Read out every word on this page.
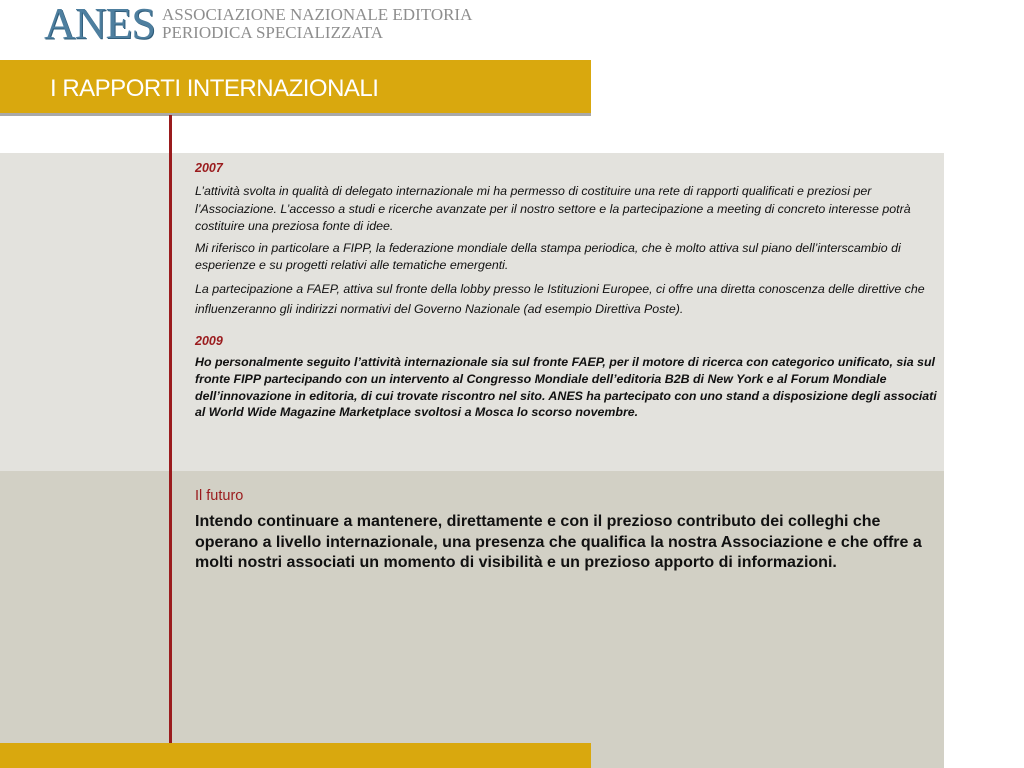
ANES ASSOCIAZIONE NAZIONALE EDITORIA
PERIODICA SPECIALIZZATA
I RAPPORTI INTERNAZIONALI

2007

L’attività svolta in qualità di delegato internazionale mi ha permesso di costituire una rete di rapporti qualificati e preziosi per l’Associazione. L’accesso a studi e ricerche avanzate per il nostro settore e la partecipazione a meeting di concreto interesse potrà costituire una preziosa fonte di idee.

Mi riferisco in particolare a FIPP, la federazione mondiale della stampa periodica, che è molto attiva sul piano dell’interscambio di esperienze e su progetti relativi alle tematiche emergenti.

La partecipazione a FAEP, attiva sul fronte della lobby presso le Istituzioni Europee, ci offre una diretta conoscenza delle direttive che influenzeranno gli indirizzi normativi del Governo Nazionale (ad esempio Direttiva Poste).

2009

Ho personalmente seguito l’attività internazionale sia sul fronte FAEP, per il motore di ricerca con categorico unificato, sia sul fronte FIPP partecipando con un intervento al Congresso Mondiale dell’editoria B2B di New York e al Forum Mondiale dell’innovazione in editoria, di cui trovate riscontro nel sito. ANES ha partecipato con uno stand a disposizione degli associati al World Wide Magazine Marketplace svoltosi a Mosca lo scorso novembre.

Il futuro

Intendo continuare a mantenere, direttamente e con il prezioso contributo dei colleghi che operano a livello internazionale, una presenza che qualifica la nostra Associazione e che offre a molti nostri associati un momento di visibilità e un prezioso apporto di informazioni.
